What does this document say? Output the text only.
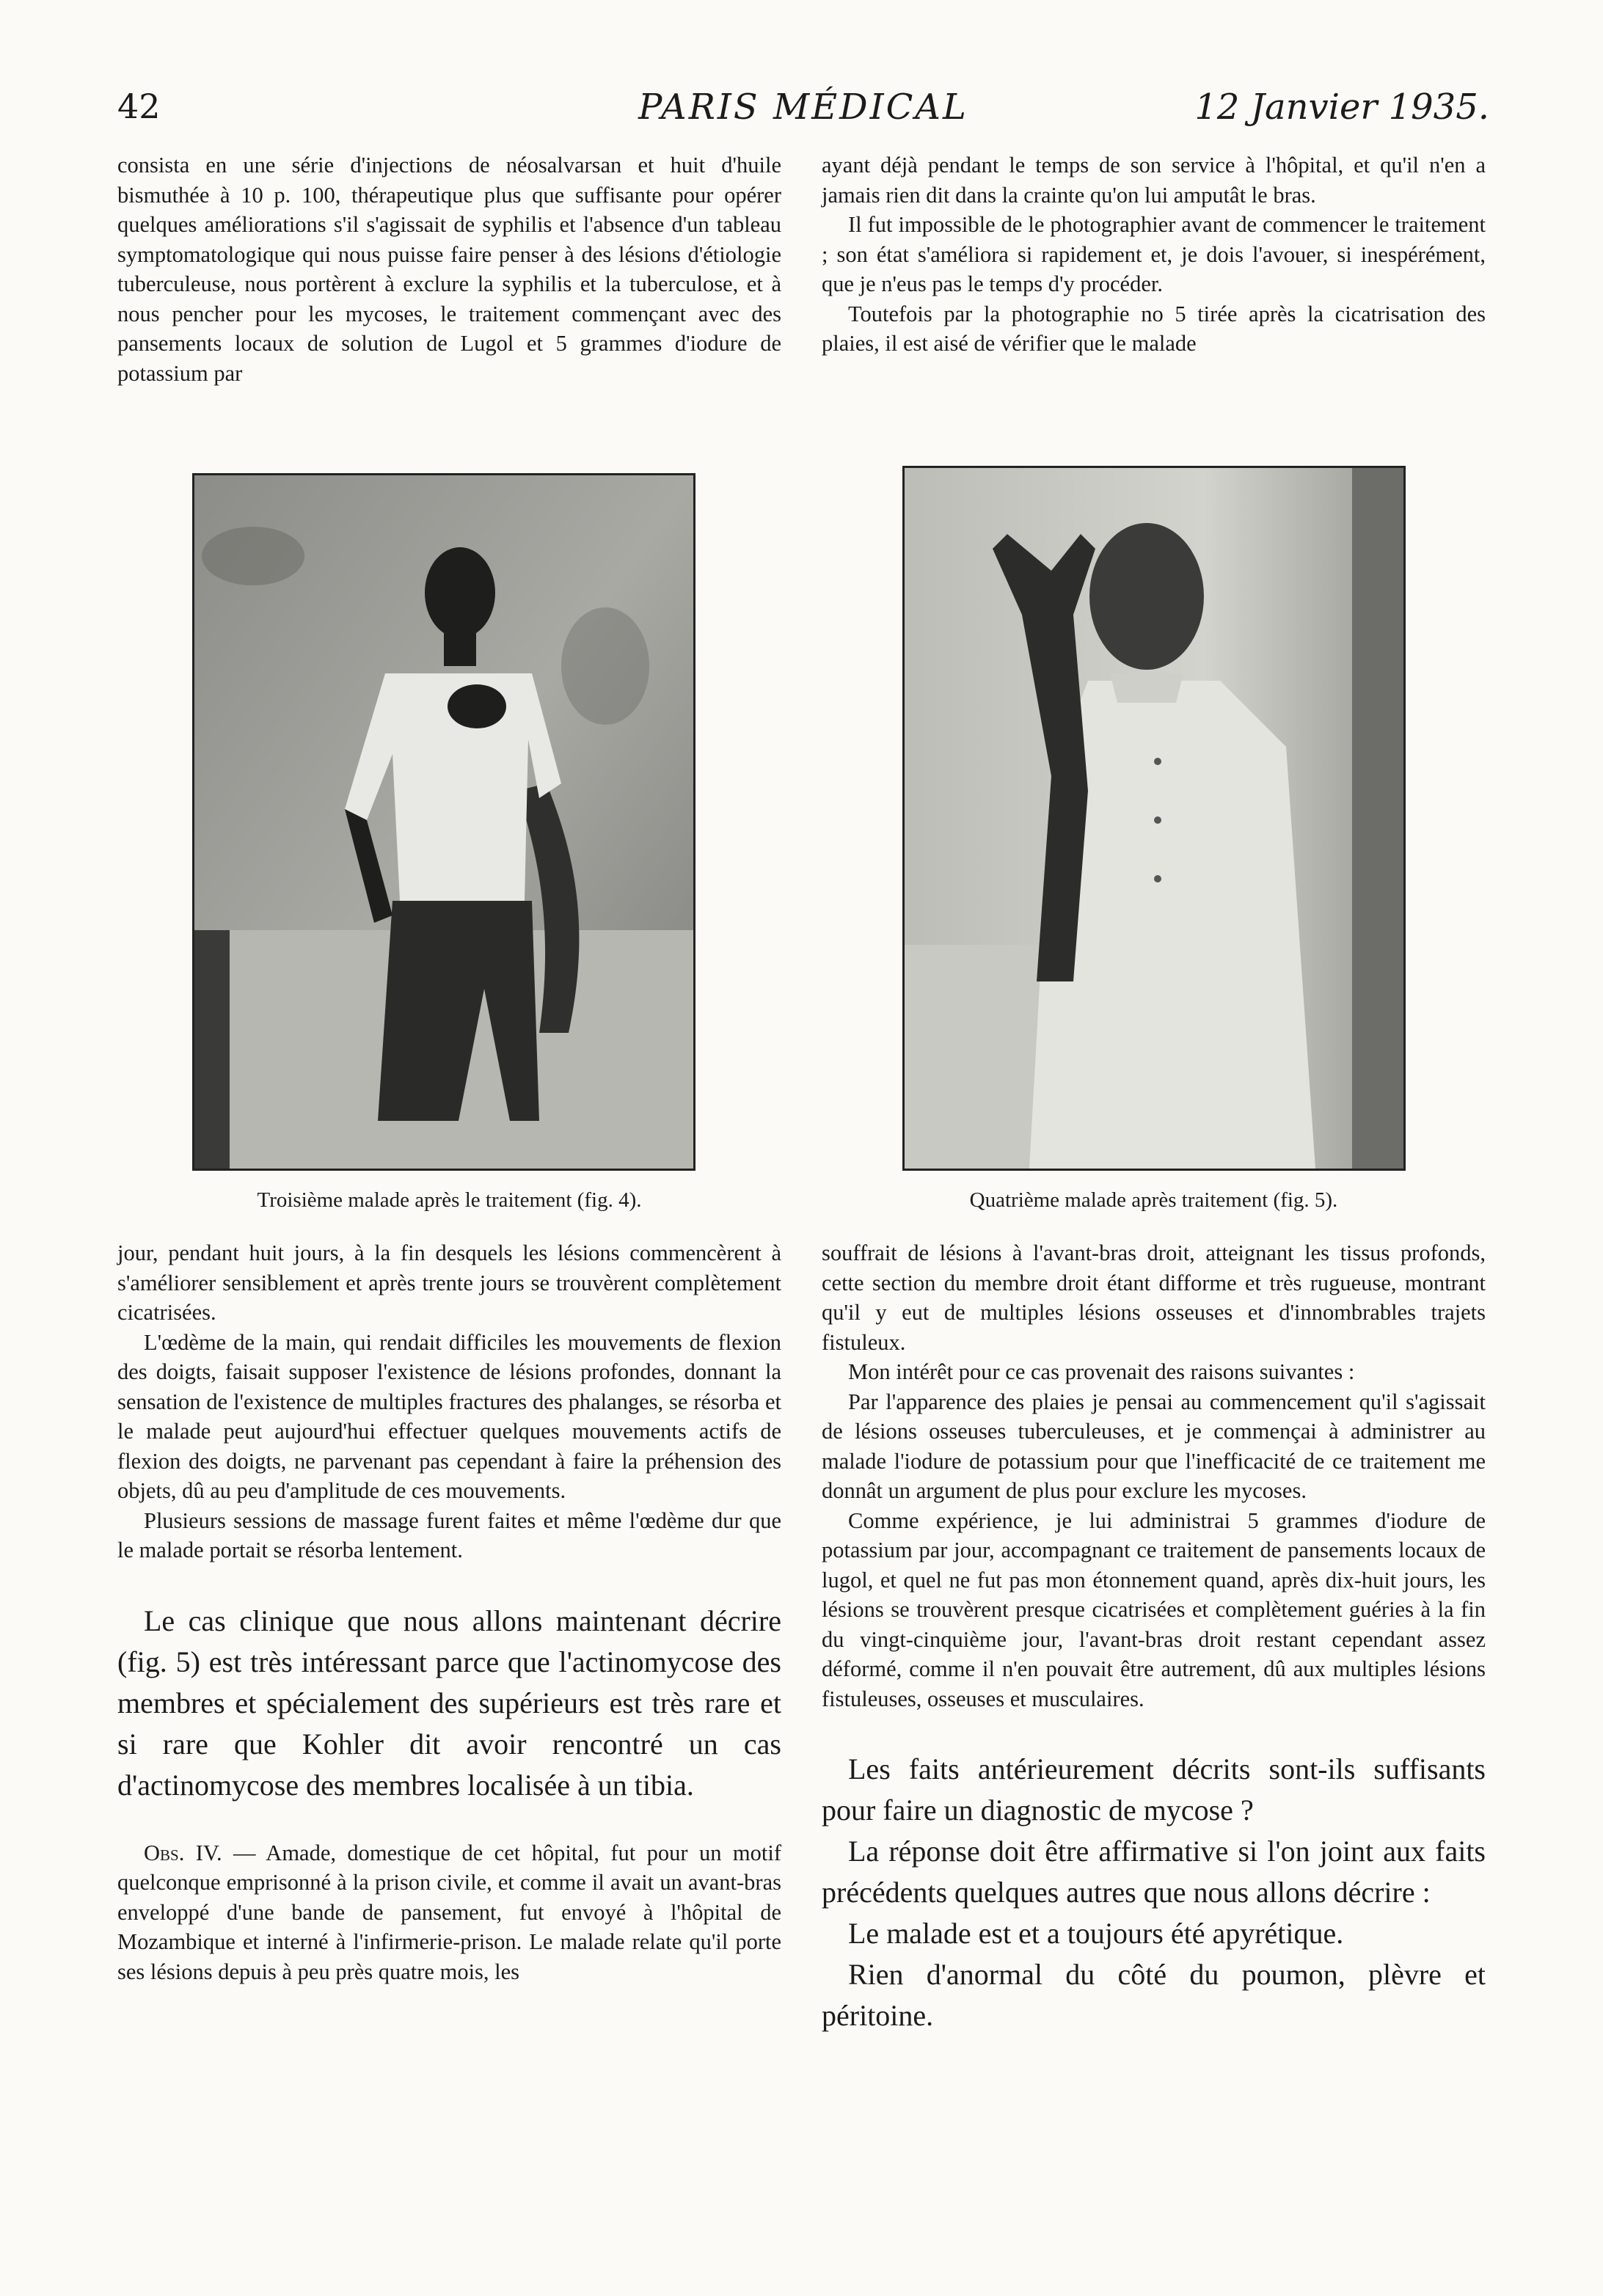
42	PARIS MÉDICAL	12 Janvier 1935.

consista en une série d'injections de néosalvarsan et huit d'huile bismuthée à 10 p. 100, thérapeutique plus que suffisante pour opérer quelques améliorations s'il s'agissait de syphilis et l'absence d'un tableau symptomatologique qui nous puisse faire penser à des lésions d'étiologie tuberculeuse, nous portèrent à exclure la syphilis et la tuberculose, et à nous pencher pour les mycoses, le traitement commençant avec des pansements locaux de solution de Lugol et 5 grammes d'iodure de potassium par

ayant déjà pendant le temps de son service à l'hôpital, et qu'il n'en a jamais rien dit dans la crainte qu'on lui amputât le bras.

Il fut impossible de le photographier avant de commencer le traitement ; son état s'améliora si rapidement et, je dois l'avouer, si inespérément, que je n'eus pas le temps d'y procéder.

Toutefois par la photographie no 5 tirée après la cicatrisation des plaies, il est aisé de vérifier que le malade

Troisième malade après le traitement (fig. 4).	Quatrième malade après traitement (fig. 5).

jour, pendant huit jours, à la fin desquels les lésions commencèrent à s'améliorer sensiblement et après trente jours se trouvèrent complètement cicatrisées.

L'œdème de la main, qui rendait difficiles les mouvements de flexion des doigts, faisait supposer l'existence de lésions profondes, donnant la sensation de l'existence de multiples fractures des phalanges, se résorba et le malade peut aujourd'hui effectuer quelques mouvements actifs de flexion des doigts, ne parvenant pas cependant à faire la préhension des objets, dû au peu d'amplitude de ces mouvements.

Plusieurs sessions de massage furent faites et même l'œdème dur que le malade portait se résorba lentement.

Le cas clinique que nous allons maintenant décrire (fig. 5) est très intéressant parce que l'actinomycose des membres et spécialement des supérieurs est très rare et si rare que Kohler dit avoir rencontré un cas d'actinomycose des membres localisée à un tibia.

Obs. IV. — Amade, domestique de cet hôpital, fut pour un motif quelconque emprisonné à la prison civile, et comme il avait un avant-bras enveloppé d'une bande de pansement, fut envoyé à l'hôpital de Mozambique et interné à l'infirmerie-prison. Le malade relate qu'il porte ses lésions depuis à peu près quatre mois, les

souffrait de lésions à l'avant-bras droit, atteignant les tissus profonds, cette section du membre droit étant difforme et très rugueuse, montrant qu'il y eut de multiples lésions osseuses et d'innombrables trajets fistuleux.

Mon intérêt pour ce cas provenait des raisons suivantes :

Par l'apparence des plaies je pensai au commencement qu'il s'agissait de lésions osseuses tuberculeuses, et je commençai à administrer au malade l'iodure de potassium pour que l'inefficacité de ce traitement me donnât un argument de plus pour exclure les mycoses.

Comme expérience, je lui administrai 5 grammes d'iodure de potassium par jour, accompagnant ce traitement de pansements locaux de lugol, et quel ne fut pas mon étonnement quand, après dix-huit jours, les lésions se trouvèrent presque cicatrisées et complètement guéries à la fin du vingt-cinquième jour, l'avant-bras droit restant cependant assez déformé, comme il n'en pouvait être autrement, dû aux multiples lésions fistuleuses, osseuses et musculaires.

Les faits antérieurement décrits sont-ils suffisants pour faire un diagnostic de mycose ?

La réponse doit être affirmative si l'on joint aux faits précédents quelques autres que nous allons décrire :

Le malade est et a toujours été apyrétique.

Rien d'anormal du côté du poumon, plèvre et péritoine.
